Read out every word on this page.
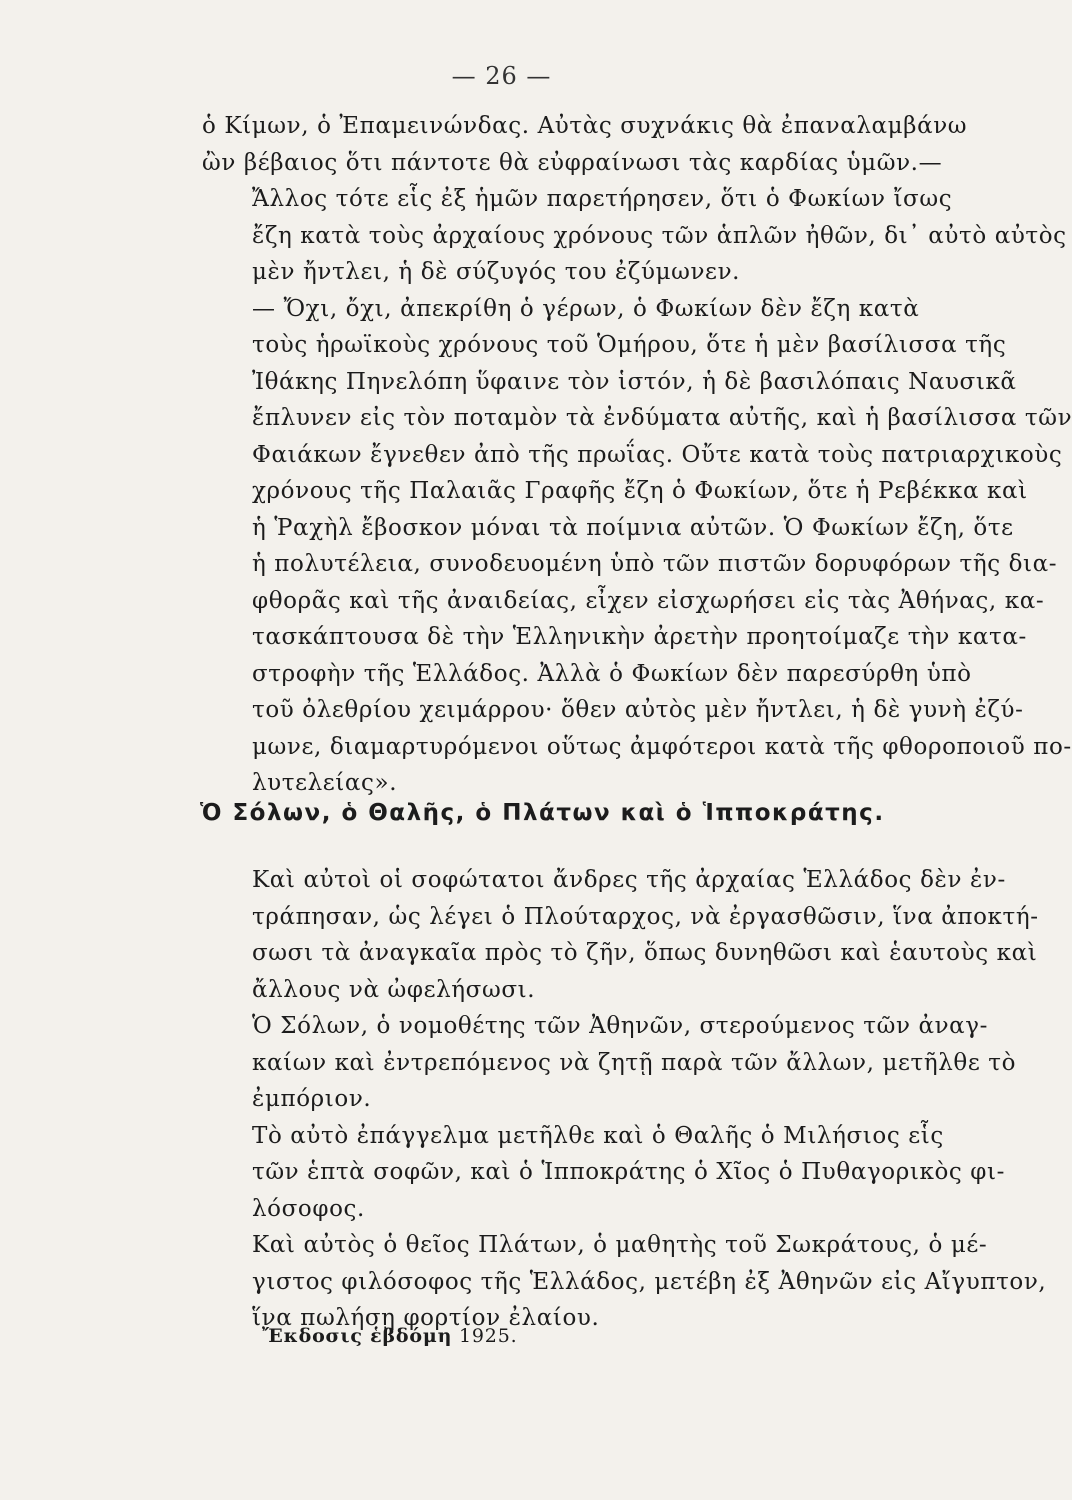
— 26 —

ὁ Κίμων, ὁ Ἐπαμεινώνδας. Αὐτὰς συχνάκις θὰ ἐπαναλαμβάνω
ὢν βέβαιος ὅτι πάντοτε θὰ εὐφραίνωσι τὰς καρδίας ὑμῶν.—

Ἄλλος τότε εἷς ἐξ ἡμῶν παρετήρησεν, ὅτι ὁ Φωκίων ἴσως
ἔζη κατὰ τοὺς ἀρχαίους χρόνους τῶν ἁπλῶν ἠθῶν, δι᾽ αὐτὸ αὐτὸς
μὲν ἤντλει, ἡ δὲ σύζυγός του ἐζύμωνεν.

— Ὄχι, ὄχι, ἀπεκρίθη ὁ γέρων, ὁ Φωκίων δὲν ἔζη κατὰ
τοὺς ἡρωϊκοὺς χρόνους τοῦ Ὁμήρου, ὅτε ἡ μὲν βασίλισσα τῆς
Ἰθάκης Πηνελόπη ὕφαινε τὸν ἱστόν, ἡ δὲ βασιλόπαις Ναυσικᾶ
ἔπλυνεν εἰς τὸν ποταμὸν τὰ ἐνδύματα αὐτῆς, καὶ ἡ βασίλισσα τῶν
Φαιάκων ἔγνεθεν ἀπὸ τῆς πρωΐας. Οὔτε κατὰ τοὺς πατριαρχικοὺς
χρόνους τῆς Παλαιᾶς Γραφῆς ἔζη ὁ Φωκίων, ὅτε ἡ Ρεβέκκα καὶ
ἡ Ῥαχὴλ ἔβοσκον μόναι τὰ ποίμνια αὐτῶν. Ὁ Φωκίων ἔζη, ὅτε
ἡ πολυτέλεια, συνοδευομένη ὑπὸ τῶν πιστῶν δορυφόρων τῆς δια-
φθορᾶς καὶ τῆς ἀναιδείας, εἶχεν εἰσχωρήσει εἰς τὰς Ἀθήνας, κα-
τασκάπτουσα δὲ τὴν Ἑλληνικὴν ἀρετὴν προητοίμαζε τὴν κατα-
στροφὴν τῆς Ἑλλάδος. Ἀλλὰ ὁ Φωκίων δὲν παρεσύρθη ὑπὸ
τοῦ ὀλεθρίου χειμάρρου· ὅθεν αὐτὸς μὲν ἤντλει, ἡ δὲ γυνὴ ἐζύ-
μωνε, διαμαρτυρόμενοι οὕτως ἀμφότεροι κατὰ τῆς φθοροποιοῦ πο-
λυτελείας».

Ὁ Σόλων, ὁ Θαλῆς, ὁ Πλάτων καὶ ὁ Ἱπποκράτης.

Καὶ αὐτοὶ οἱ σοφώτατοι ἄνδρες τῆς ἀρχαίας Ἑλλάδος δὲν ἐν-
τράπησαν, ὡς λέγει ὁ Πλούταρχος, νὰ ἐργασθῶσιν, ἵνα ἀποκτή-
σωσι τὰ ἀναγκαῖα πρὸς τὸ ζῆν, ὅπως δυνηθῶσι καὶ ἑαυτοὺς καὶ
ἄλλους νὰ ὠφελήσωσι.

Ὁ Σόλων, ὁ νομοθέτης τῶν Ἀθηνῶν, στερούμενος τῶν ἀναγ-
καίων καὶ ἐντρεπόμενος νὰ ζητῇ παρὰ τῶν ἄλλων, μετῆλθε τὸ
ἐμπόριον.

Τὸ αὐτὸ ἐπάγγελμα μετῆλθε καὶ ὁ Θαλῆς ὁ Μιλήσιος εἷς
τῶν ἑπτὰ σοφῶν, καὶ ὁ Ἱπποκράτης ὁ Χῖος ὁ Πυθαγορικὸς φι-
λόσοφος.

Καὶ αὐτὸς ὁ θεῖος Πλάτων, ὁ μαθητὴς τοῦ Σωκράτους, ὁ μέ-
γιστος φιλόσοφος τῆς Ἑλλάδος, μετέβη ἐξ Ἀθηνῶν εἰς Αἴγυπτον,
ἵνα πωλήσῃ φορτίον ἐλαίου.

Ἔκδοσις ἑβδόμη 1925.
